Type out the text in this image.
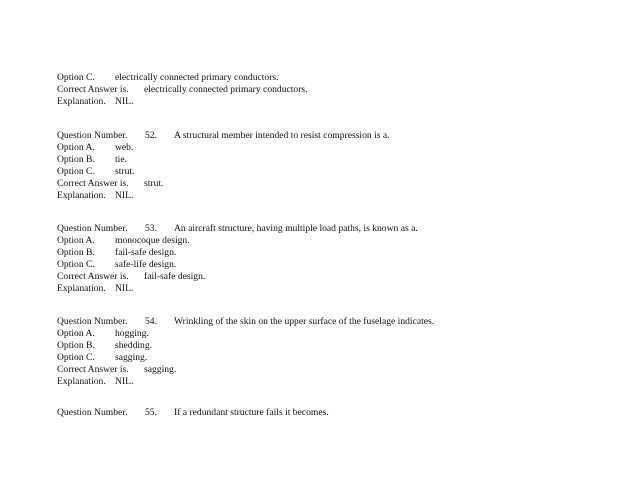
Option C. electrically connected primary conductors.
Correct Answer is. electrically connected primary conductors.
Explanation. NIL.
Question Number. 52. A structural member intended to resist compression is a.
Option A. web.
Option B. tie.
Option C. strut.
Correct Answer is. strut.
Explanation. NIL.
Question Number. 53. An aircraft structure, having multiple load paths, is known as a.
Option A. monocoque design.
Option B. fail-safe design.
Option C. safe-life design.
Correct Answer is. fail-safe design.
Explanation. NIL.
Question Number. 54. Wrinkling of the skin on the upper surface of the fuselage indicates.
Option A. hogging.
Option B. shedding.
Option C. sagging.
Correct Answer is. sagging.
Explanation. NIL.
Question Number. 55. If a redundant structure fails it becomes.
